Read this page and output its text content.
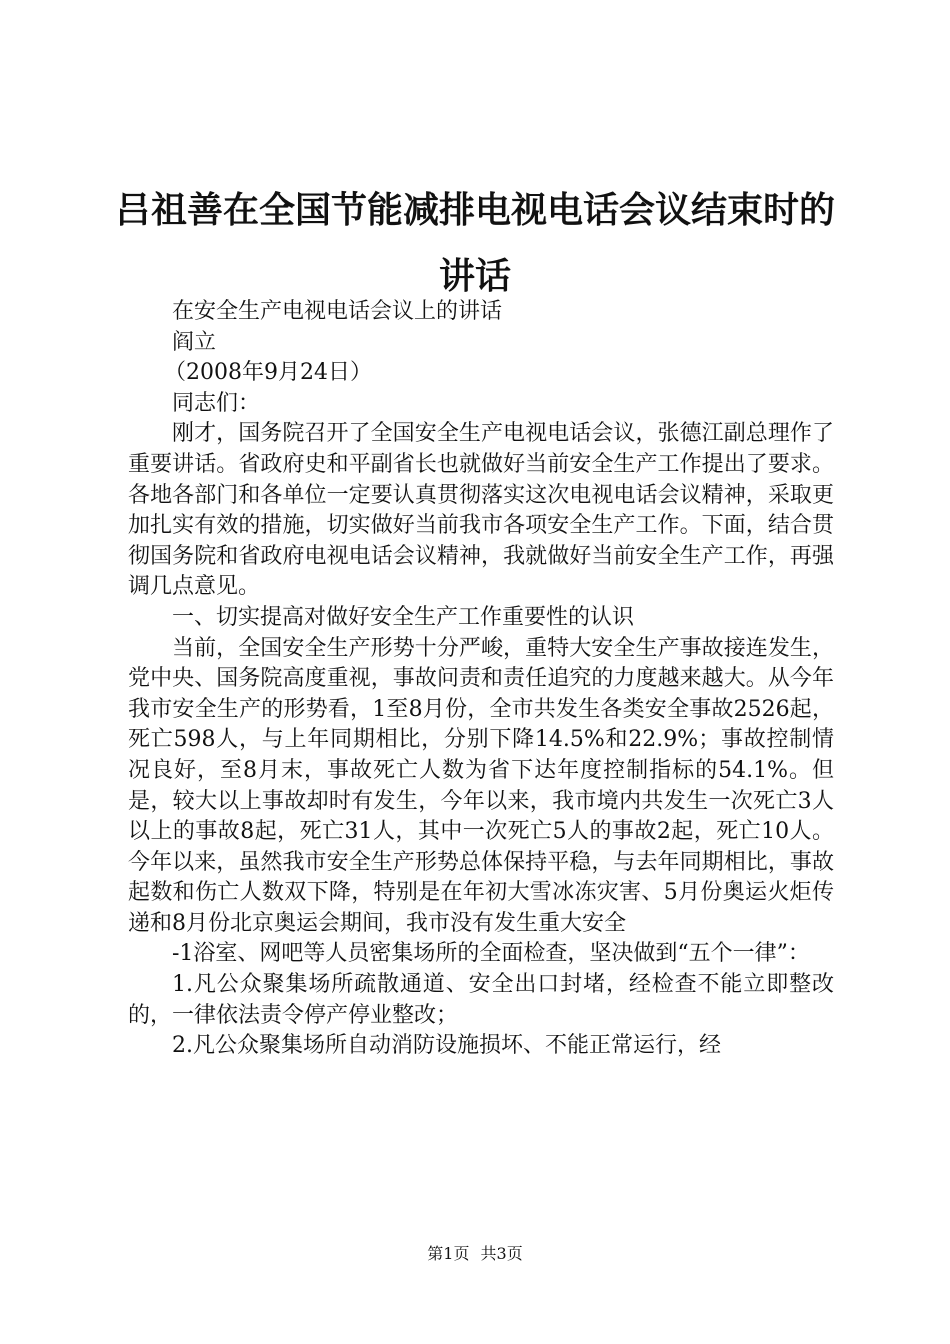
吕祖善在全国节能减排电视电话会议结束时的讲话

在安全生产电视电话会议上的讲话

阎立

（2008年9月24日）

同志们：

刚才，国务院召开了全国安全生产电视电话会议，张德江副总理作了重要讲话。省政府史和平副省长也就做好当前安全生产工作提出了要求。各地各部门和各单位一定要认真贯彻落实这次电视电话会议精神，采取更加扎实有效的措施，切实做好当前我市各项安全生产工作。下面，结合贯彻国务院和省政府电视电话会议精神，我就做好当前安全生产工作，再强调几点意见。

一、切实提高对做好安全生产工作重要性的认识

当前，全国安全生产形势十分严峻，重特大安全生产事故接连发生，党中央、国务院高度重视，事故问责和责任追究的力度越来越大。从今年我市安全生产的形势看，1至8月份，全市共发生各类安全事故2526起，死亡598人，与上年同期相比，分别下降14.5%和22.9%；事故控制情况良好，至8月末，事故死亡人数为省下达年度控制指标的54.1%。但是，较大以上事故却时有发生，今年以来，我市境内共发生一次死亡3人以上的事故8起，死亡31人，其中一次死亡5人的事故2起，死亡10人。今年以来，虽然我市安全生产形势总体保持平稳，与去年同期相比，事故起数和伤亡人数双下降，特别是在年初大雪冰冻灾害、5月份奥运火炬传递和8月份北京奥运会期间，我市没有发生重大安全

-1浴室、网吧等人员密集场所的全面检查，坚决做到“五个一律”：

1.凡公众聚集场所疏散通道、安全出口封堵，经检查不能立即整改的，一律依法责令停产停业整改；

2.凡公众聚集场所自动消防设施损坏、不能正常运行，经

第1页 共3页
